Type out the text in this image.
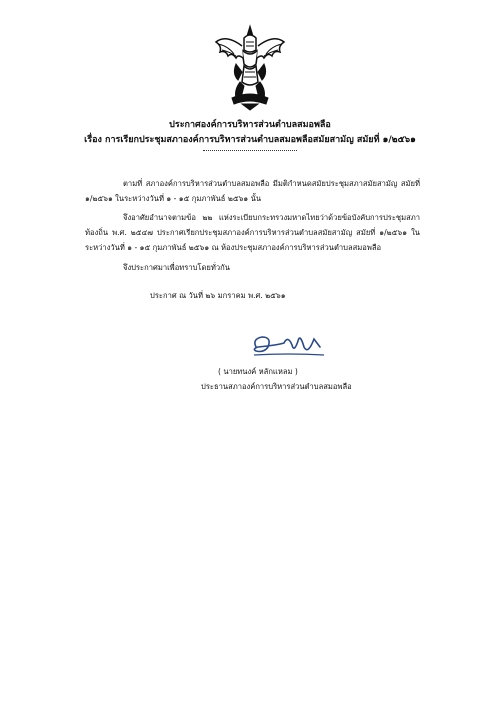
ประกาศองค์การบริหารส่วนตำบลสมอพลือ
เรื่อง การเรียกประชุมสภาองค์การบริหารส่วนตำบลสมอพลือสมัยสามัญ สมัยที่ ๑/๒๕๖๑
ตามที่ สภาองค์การบริหารส่วนตำบลสมอพลือ มีมติกำหนดสมัยประชุมสภาสมัยสามัญ สมัยที่ ๑/๒๕๖๑ ในระหว่างวันที่ ๑ - ๑๕ กุมภาพันธ์ ๒๕๖๑ นั้น
จึงอาศัยอำนาจตามข้อ ๒๒ แห่งระเบียบกระทรวงมหาดไทยว่าด้วยข้อบังคับการประชุมสภาท้องถิ่น พ.ศ. ๒๕๔๗ ประกาศเรียกประชุมสภาองค์การบริหารส่วนตำบลสมัยสามัญ สมัยที่ ๑/๒๕๖๑ ในระหว่างวันที่ ๑ - ๑๕ กุมภาพันธ์ ๒๕๖๑ ณ ห้องประชุมสภาองค์การบริหารส่วนตำบลสมอพลือ
จึงประกาศมาเพื่อทราบโดยทั่วกัน
ประกาศ ณ วันที่ ๒๖ มกราคม พ.ศ. ๒๕๖๑
( นายทนงค์ หลักแหลม )
ประธานสภาองค์การบริหารส่วนตำบลสมอพลือ
